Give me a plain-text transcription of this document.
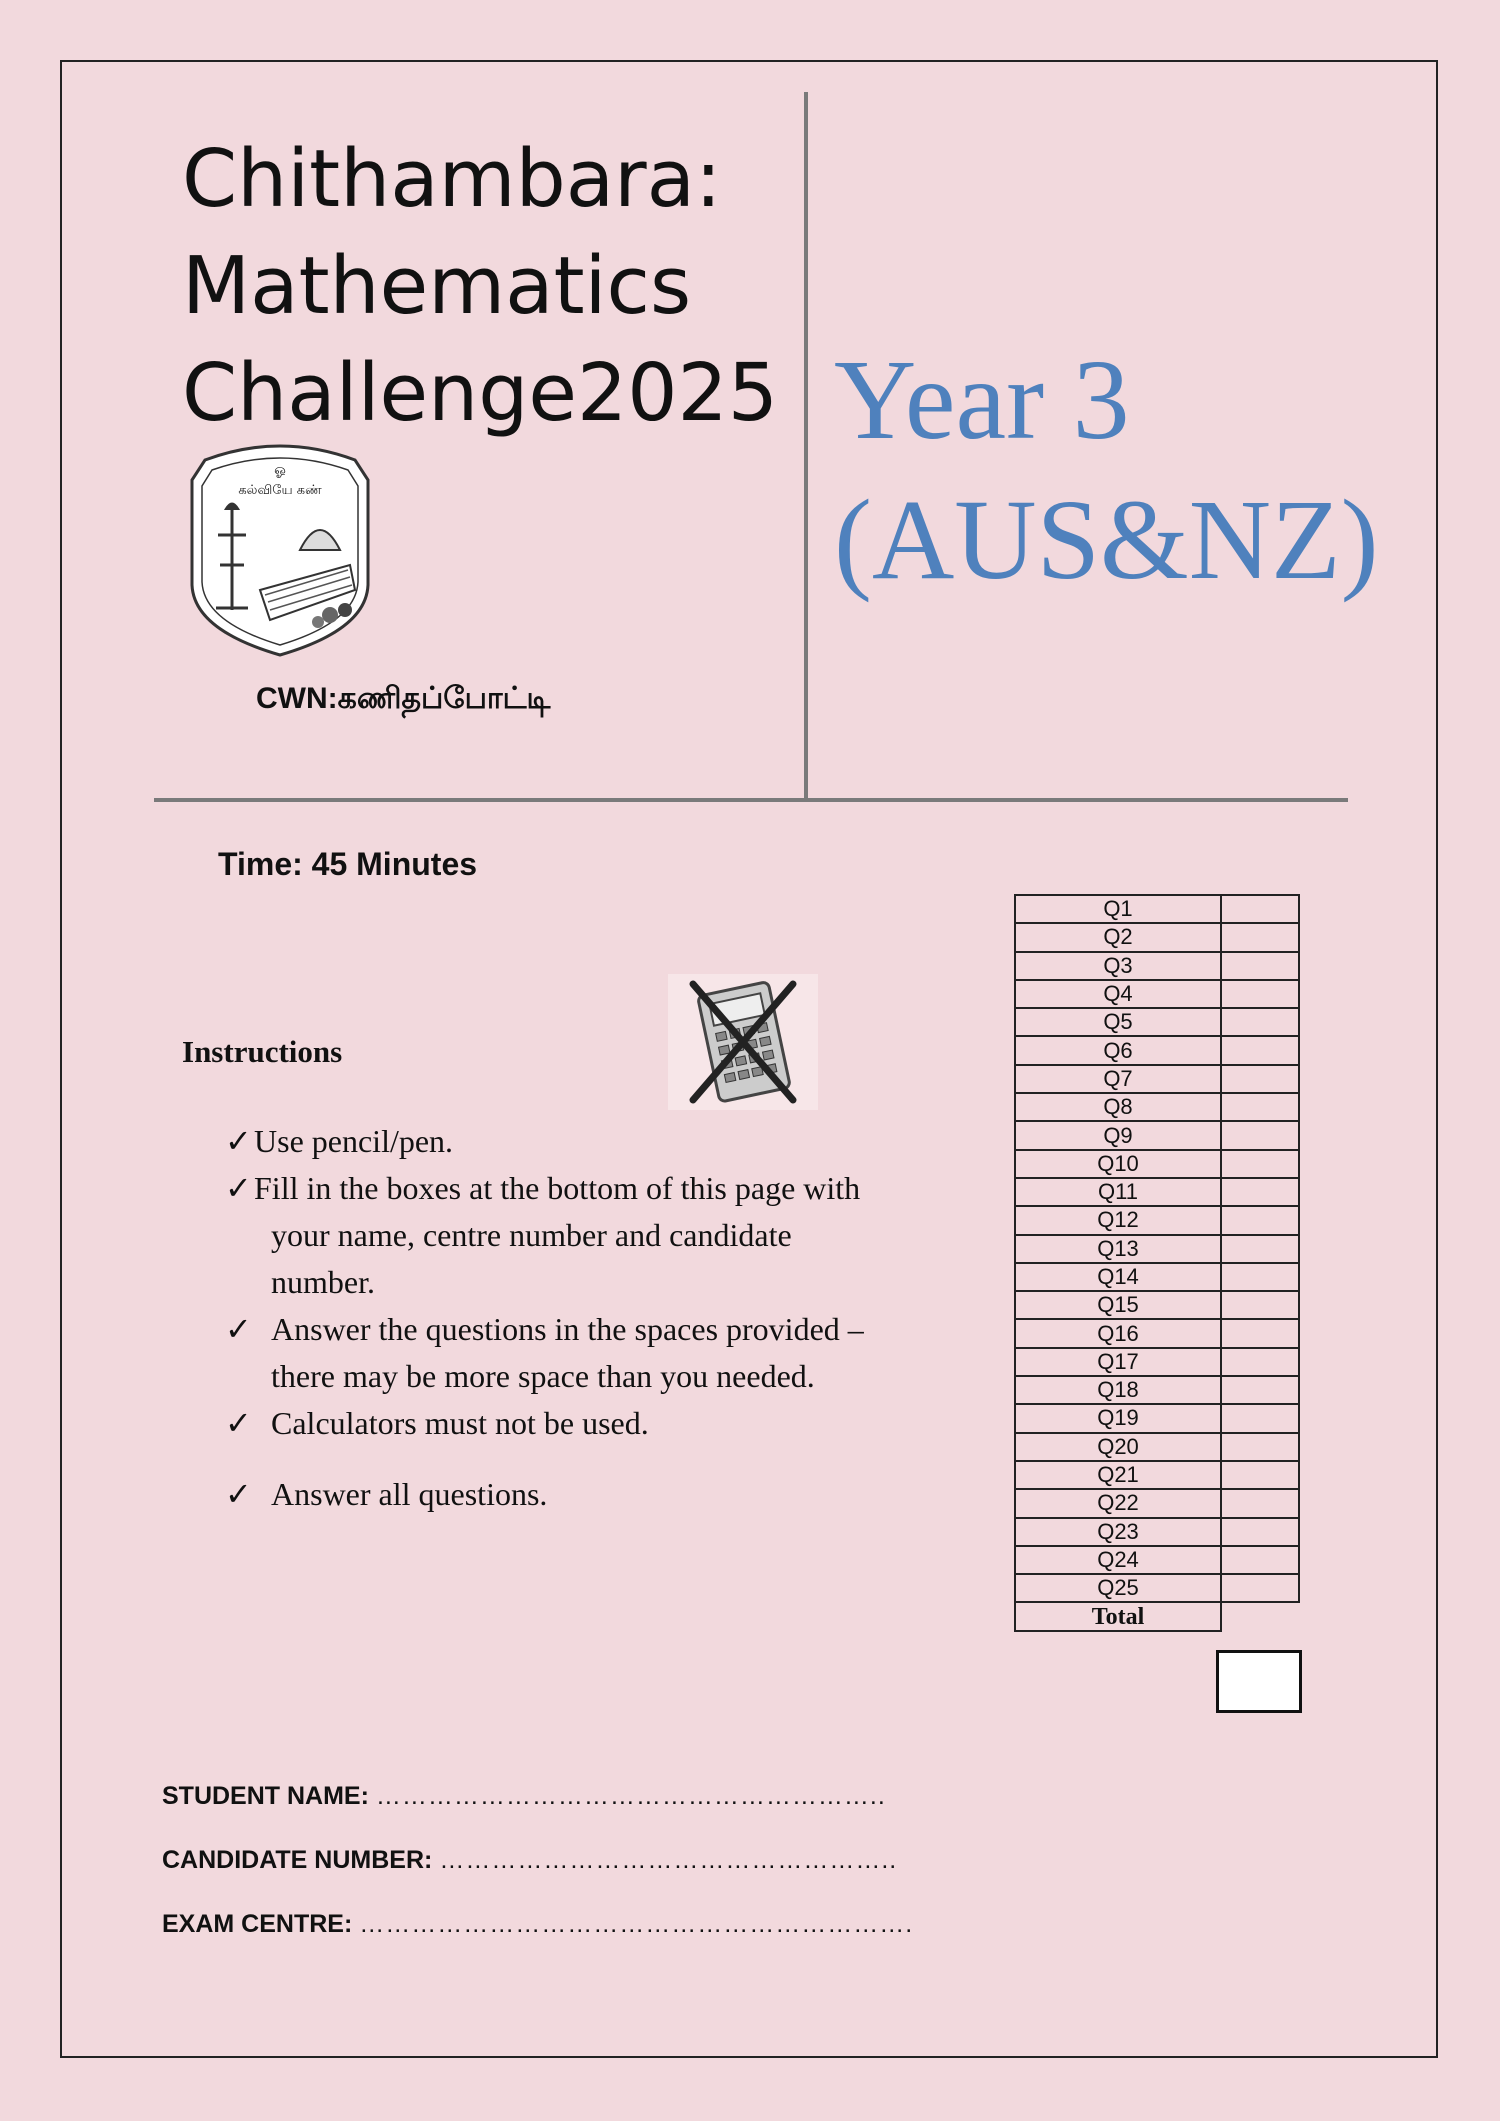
Chithambara:
Mathematics
Challenge2025 Year 3
(AUS&NZ)
ஓ
கல்வியே கண்
CWN:கணிதப்போட்டி
Time: 45 Minutes
Instructions
✓ Use pencil/pen.
✓ Fill in the boxes at the bottom of this page with
your name, centre number and candidate
number.
✓ Answer the questions in the spaces provided –
there may be more space than you needed.
✓ Calculators must not be used.
✓ Answer all questions.
Q1	
Q2	
Q3	
Q4	
Q5	
Q6	
Q7	
Q8	
Q9	
Q10	
Q11	
Q12	
Q13	
Q14	
Q15	
Q16	
Q17	
Q18	
Q19	
Q20	
Q21	
Q22	
Q23	
Q24	
Q25	
Total	
STUDENT NAME: …………………………………………………..
CANDIDATE NUMBER: ……………………………………………..
EXAM CENTRE: ……………………………………………………….
